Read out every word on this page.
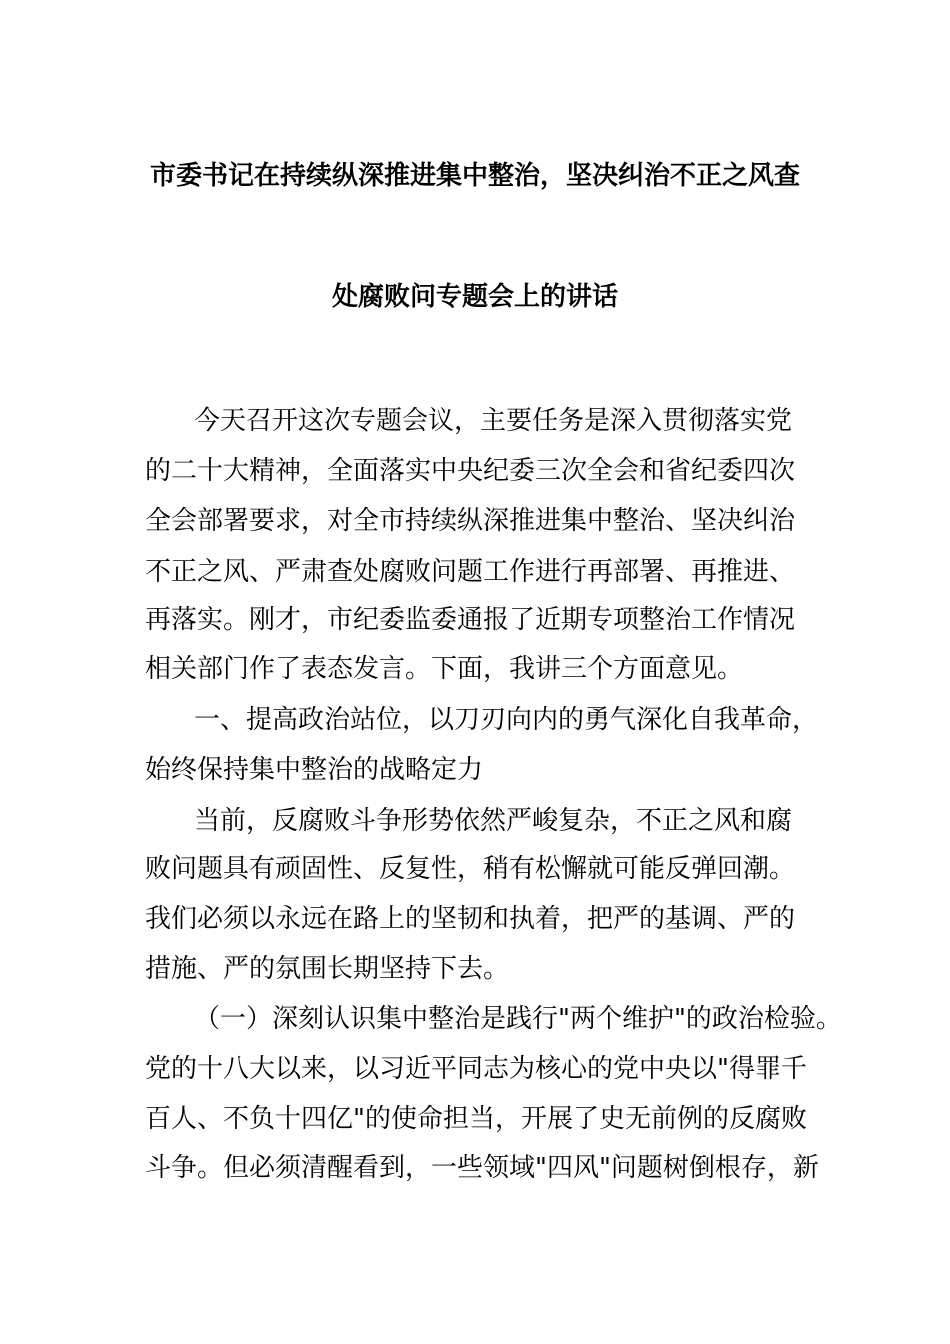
市委书记在持续纵深推进集中整治，坚决纠治不正之风查
处腐败问专题会上的讲话
今天召开这次专题会议，主要任务是深入贯彻落实党
的二十大精神，全面落实中央纪委三次全会和省纪委四次
全会部署要求，对全市持续纵深推进集中整治、坚决纠治
不正之风、严肃查处腐败问题工作进行再部署、再推进、
再落实。刚才，市纪委监委通报了近期专项整治工作情况
相关部门作了表态发言。下面，我讲三个方面意见。
一、提高政治站位，以刀刃向内的勇气深化自我革命，
始终保持集中整治的战略定力
当前，反腐败斗争形势依然严峻复杂，不正之风和腐
败问题具有顽固性、反复性，稍有松懈就可能反弹回潮。
我们必须以永远在路上的坚韧和执着，把严的基调、严的
措施、严的氛围长期坚持下去。
（一）深刻认识集中整治是践行"两个维护"的政治检验。
党的十八大以来，以习近平同志为核心的党中央以"得罪千
百人、不负十四亿"的使命担当，开展了史无前例的反腐败
斗争。但必须清醒看到，一些领域"四风"问题树倒根存，新
